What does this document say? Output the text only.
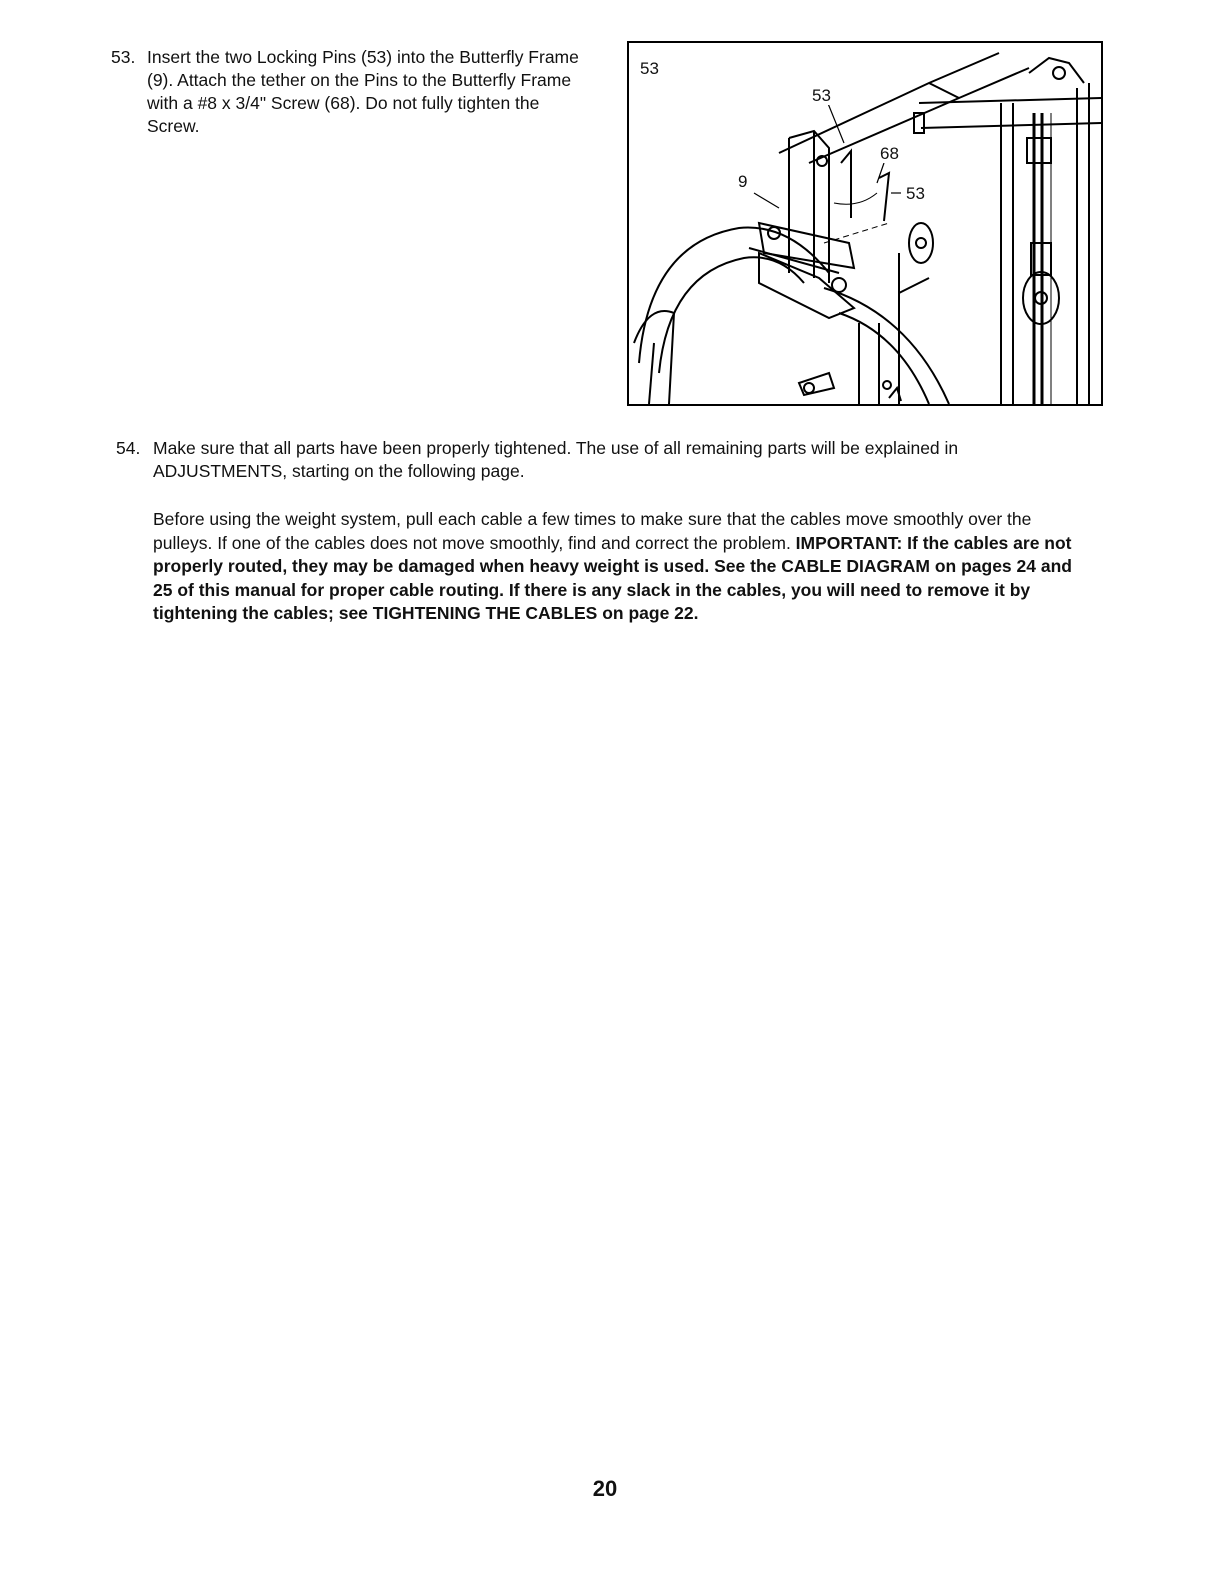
53. Insert the two Locking Pins (53) into the Butterfly Frame (9). Attach the tether on the Pins to the Butterfly Frame with a #8 x 3/4" Screw (68). Do not fully tighten the Screw.
53
53
68
9
53
54. Make sure that all parts have been properly tightened. The use of all remaining parts will be explained in ADJUSTMENTS, starting on the following page.
Before using the weight system, pull each cable a few times to make sure that the cables move smoothly over the pulleys. If one of the cables does not move smoothly, find and correct the problem. IMPORTANT: If the cables are not properly routed, they may be damaged when heavy weight is used. See the CABLE DIAGRAM on pages 24 and 25 of this manual for proper cable routing. If there is any slack in the cables, you will need to remove it by tightening the cables; see TIGHTENING THE CABLES on page 22.
20
